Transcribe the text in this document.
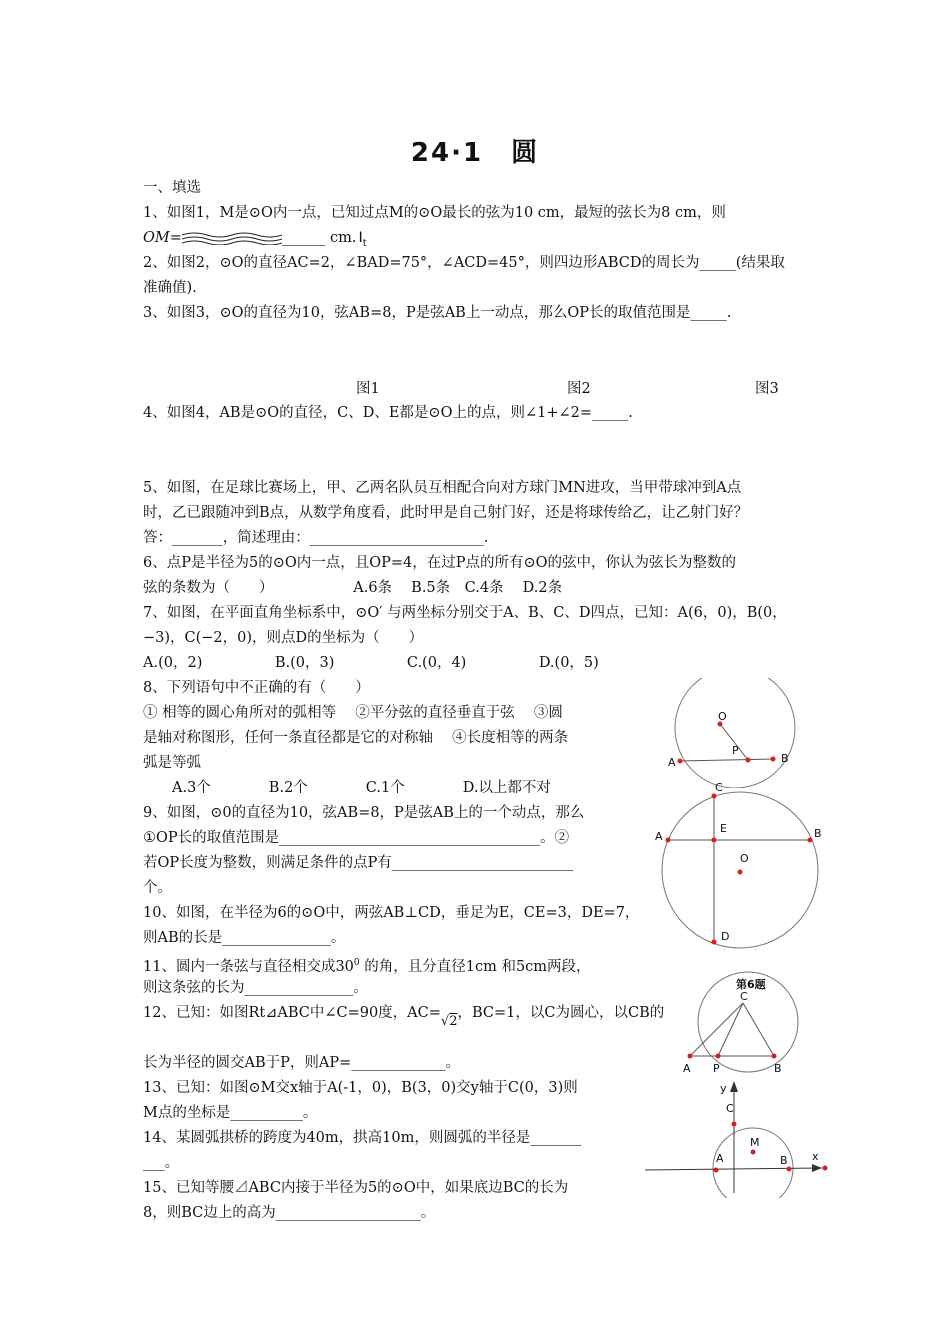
24·1　圆
一、填选
1、如图1，M是⊙O内一点，已知过点M的⊙O最长的弦为10 cm，最短的弦长为8 cm，则
OM=	______ cm. $I_t$
2、如图2，⊙O的直径AC=2，∠BAD=75°，∠ACD=45°，则四边形ABCD的周长为_____(结果取
准确值).
3、如图3，⊙O的直径为10，弦AB=8，P是弦AB上一动点，那么OP长的取值范围是_____.
图1	图2	图3
4、如图4，AB是⊙O的直径，C、D、E都是⊙O上的点，则∠1+∠2=_____.
5、如图，在足球比赛场上，甲、乙两名队员互相配合向对方球门MN进攻，当甲带球冲到A点
时，乙已跟随冲到B点，从数学角度看，此时甲是自己射门好，还是将球传给乙，让乙射门好？
答：_______，简述理由：________________________.
6、点P是半径为5的⊙O内一点，且OP=4，在过P点的所有⊙O的弦中，你认为弦长为整数的
弦的条数为（　　）　　　　　　A.6条　 B.5条　C.4条　 D.2条
7、如图，在平面直角坐标系中，⊙O′ 与两坐标分别交于A、B、C、D四点，已知：A(6，0)，B(0，
−3)，C(−2，0)，则点D的坐标为（　　）
A.(0，2)　　　　　B.(0，3)　　　　　C.(0，4)　　　　　D.(0，5)
8、下列语句中不正确的有（　　）
① 相等的圆心角所对的弧相等　 ②平分弦的直径垂直于弦　 ③圆
是轴对称图形，任何一条直径都是它的对称轴　 ④长度相等的两条
弧是等弧
　　A.3个　　　　B.2个　　　　C.1个　　　　D.以上都不对
9、如图，⊙0的直径为10，弦AB=8，P是弦AB上的一个动点，那么
①OP长的取值范围是____________________________________。②
若OP长度为整数，则满足条件的点P有_________________________
个。
10、如图，在半径为6的⊙O中，两弦AB⊥CD，垂足为E，CE=3，DE=7，
则AB的长是_______________。
11、圆内一条弦与直径相交成$30^0$ 的角，且分直径1cm 和5cm两段，
则这条弦的长为_______________。
12、已知：如图Rt⊿ABC中∠C=90度，AC=√2，BC=1，以C为圆心，以CB的
长为半径的圆交AB于P，则AP=_____________。
13、已知：如图⊙M交x轴于A(-1，0)，B(3，0)交y轴于C(0，3)则
M点的坐标是__________。
14、某圆弧拱桥的跨度为40m，拱高10m，则圆弧的半径是_______
___。
15、已知等腰⊿ABC内接于半径为5的⊙O中，如果底边BC的长为
8，则BC边上的高为____________________。
O
P
A	B
C
A
E	B
O
D
第6题
C
A P	B
y
C
M
A	B x
